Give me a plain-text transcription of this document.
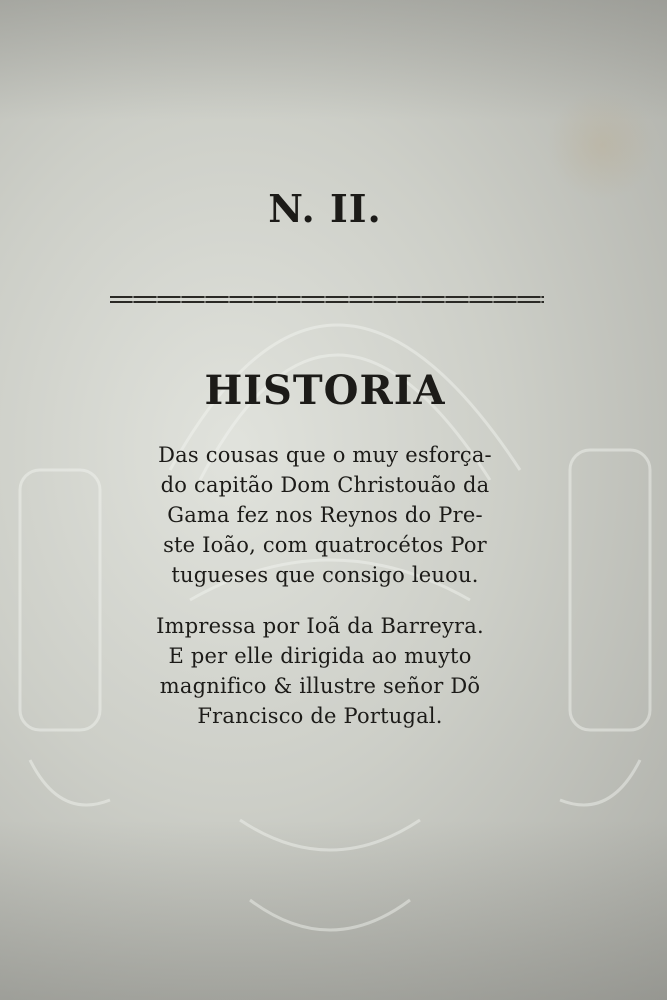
N. II.
HISTORIA
Das cousas que o muy esforça-
do capitão Dom Christouão da
Gama fez nos Reynos do Pre-
ste Ioão, com quatrocétos Por
tugueses que consigo leuou.
Impressa por Ioã da Barreyra.
E per elle dirigida ao muyto
magnifico & illustre señor Dõ
Francisco de Portugal.
